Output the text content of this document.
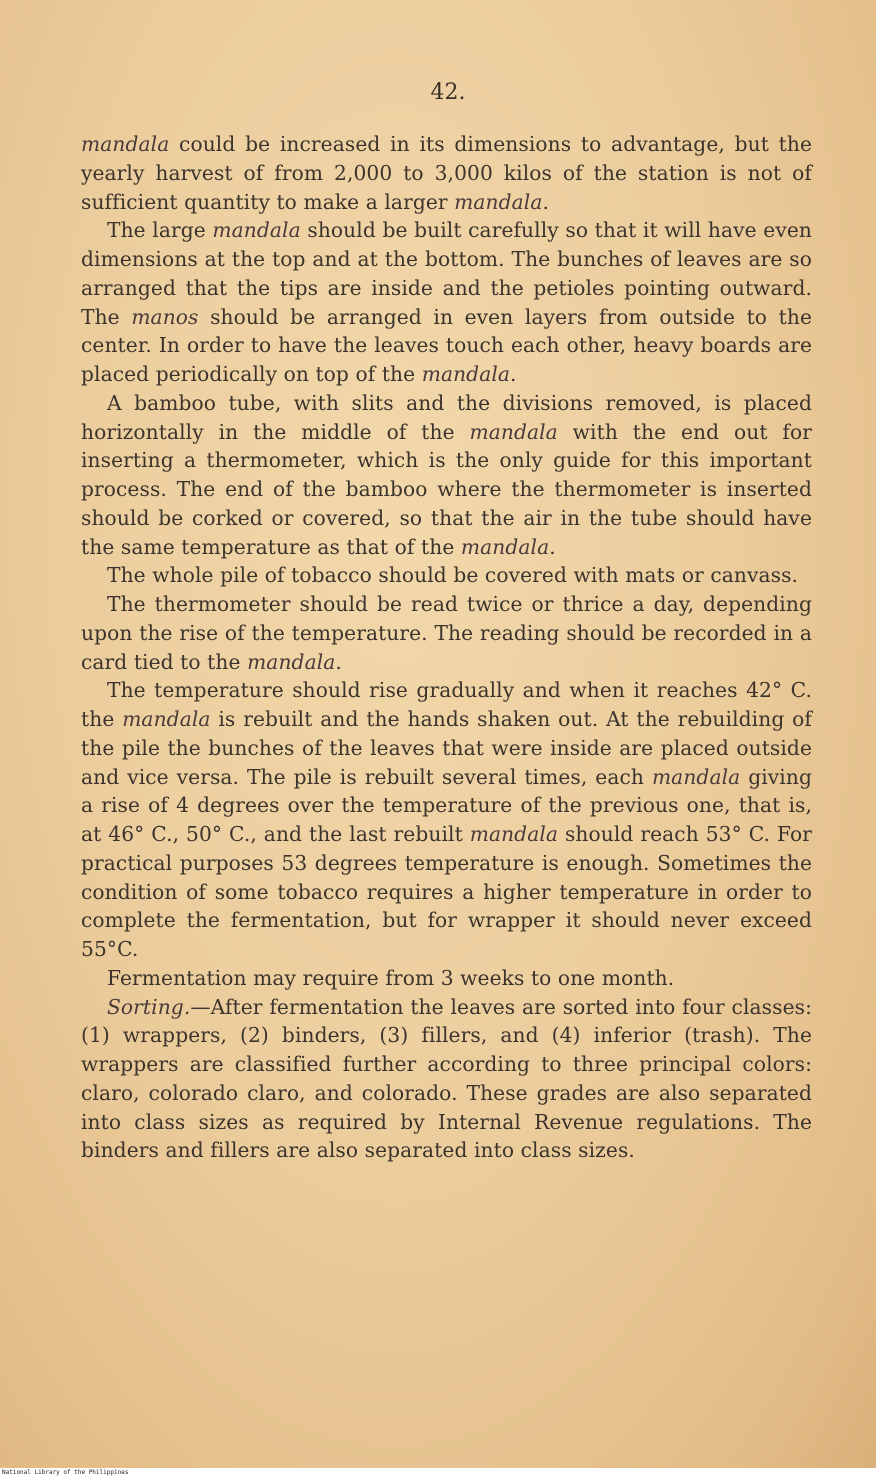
42.

mandala could be increased in its dimensions to advantage, but the yearly harvest of from 2,000 to 3,000 kilos of the station is not of sufficient quantity to make a larger mandala.

The large mandala should be built carefully so that it will have even dimensions at the top and at the bottom. The bunches of leaves are so arranged that the tips are inside and the petioles pointing outward. The manos should be arranged in even layers from outside to the center. In order to have the leaves touch each other, heavy boards are placed periodically on top of the mandala.

A bamboo tube, with slits and the divisions removed, is placed horizontally in the middle of the mandala with the end out for inserting a thermometer, which is the only guide for this important process. The end of the bamboo where the thermometer is inserted should be corked or covered, so that the air in the tube should have the same temperature as that of the mandala.

The whole pile of tobacco should be covered with mats or canvass.

The thermometer should be read twice or thrice a day, depending upon the rise of the temperature. The reading should be recorded in a card tied to the mandala.

The temperature should rise gradually and when it reaches 42° C. the mandala is rebuilt and the hands shaken out. At the rebuilding of the pile the bunches of the leaves that were inside are placed outside and vice versa. The pile is rebuilt several times, each mandala giving a rise of 4 degrees over the temperature of the previous one, that is, at 46° C., 50° C., and the last rebuilt mandala should reach 53° C. For practical purposes 53 degrees temperature is enough. Sometimes the condition of some tobacco requires a higher temperature in order to complete the fermentation, but for wrapper it should never exceed 55°C.

Fermentation may require from 3 weeks to one month.

Sorting.—After fermentation the leaves are sorted into four classes: (1) wrappers, (2) binders, (3) fillers, and (4) inferior (trash). The wrappers are classified further according to three principal colors: claro, colorado claro, and colorado. These grades are also separated into class sizes as required by Internal Revenue regulations. The binders and fillers are also separated into class sizes.

National Library of the Philippines
